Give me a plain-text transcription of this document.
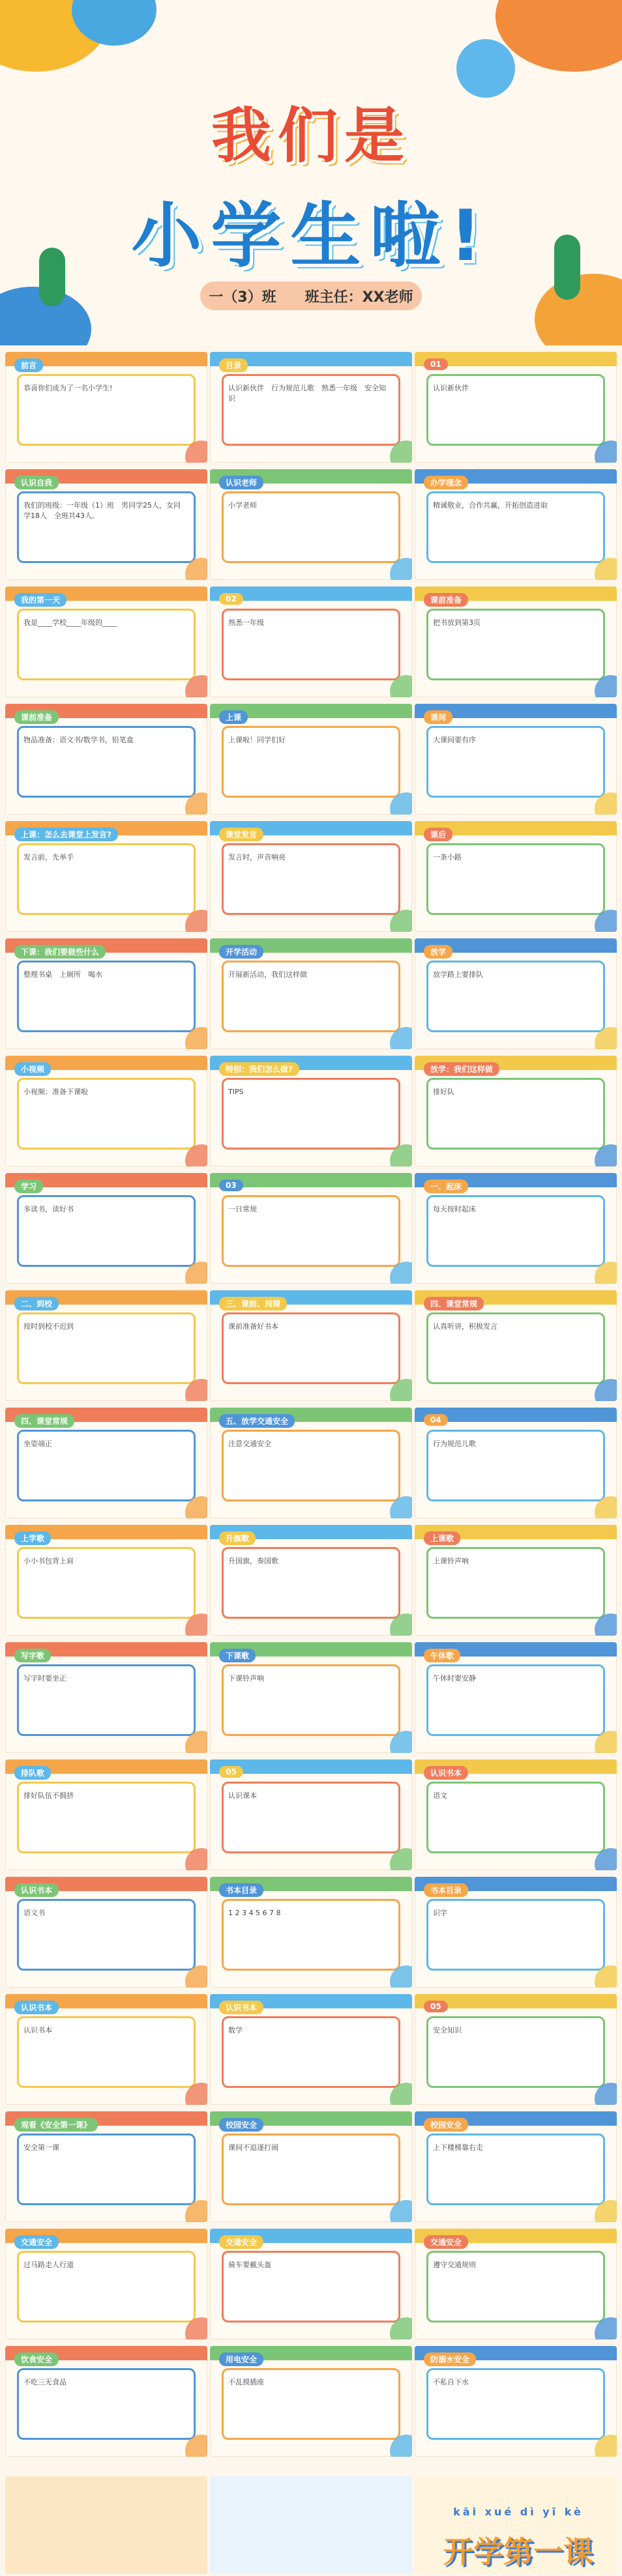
我们是
小学生啦!
一（3）班　　班主任：XX老师
前言
恭喜你们成为了一名小学生!
目录
认识新伙伴　行为规范儿歌　熟悉一年级　安全知识
01
认识新伙伴
认识自我
我们的班级：一年级（1）班　男同学25人，女同学18人　全班共43人。
认识老师
小学老师
办学理念
精诚敬业，合作共赢，开拓创造进取
我的第一天
我是____学校____年级的____
02
熟悉一年级
课前准备
把书放到第3页
课前准备
物品准备：语文书/数学书，铅笔盒
上课
上课啦！同学们好
课间
大课间要有序
上课：怎么去课堂上发言?
发言前，先举手
课堂发言
发言时，声音响亮
课后
一条小路
下课：我们要做些什么
整理书桌　上厕所　喝水
开学活动
开展新活动，我们这样做
放学
放学路上要排队
小视频
小视频：准备下课啦
特别：我们怎么做?
TIPS
放学：我们这样做
排好队
学习
多读书，读好书
03
一日常规
一、起床
每天按时起床
二、到校
按时到校不迟到
三、课前、间隙
课前准备好书本
四、课堂常规
认真听讲，积极发言
四、课堂常规
坐姿端正
五、放学交通安全
注意交通安全
04
行为规范儿歌
上学歌
小小书包背上肩
升旗歌
升国旗，奏国歌
上课歌
上课铃声响
写字歌
写字时要坐正
下课歌
下课铃声响
午休歌
午休时要安静
排队歌
排好队伍不拥挤
05
认识课本
认识书本
语文
认识书本
语文书
书本目录
1 2 3 4 5 6 7 8
书本目录
识字
认识书本
认识书本
认识书本
数学
05
安全知识
观看《安全第一课》
安全第一课
校园安全
课间不追逐打闹
校园安全
上下楼梯靠右走
交通安全
过马路走人行道
交通安全
骑车要戴头盔
交通安全
遵守交通规则
饮食安全
不吃三无食品
用电安全
不乱摸插座
防溺水安全
不私自下水
kāi xué dì yī kè
开学第一课
